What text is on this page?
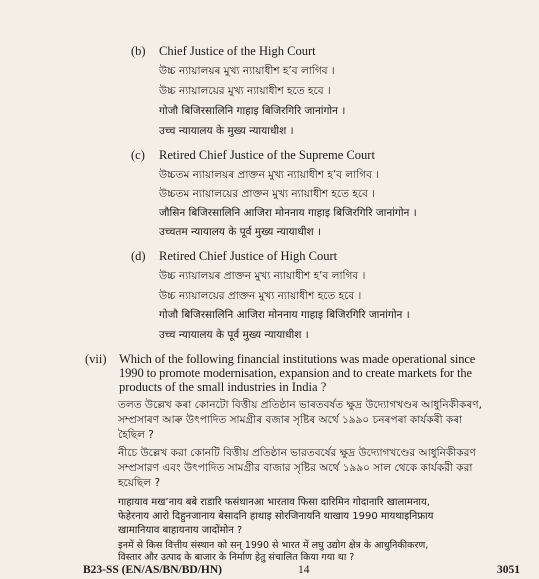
(b) Chief Justice of the High Court
উচ্চ ন্যায়ালয়ৰ মুখ্য ন্যায়াধীশ হ’ব লাগিব ।
উচ্চ ন্যায়ালয়ের মুখ্য ন্যায়াধীশ হতে হবে ।
गोजौ बिजिरसालिनि गाहाइ बिजिरगिरि जानांगोन ।
उच्च न्यायालय के मुख्य न्यायाधीश ।
(c) Retired Chief Justice of the Supreme Court
উচ্চতম ন্যায়ালয়ৰ প্ৰাক্তন মুখ্য ন্যায়াধীশ হ’ব লাগিব ।
উচ্চতম ন্যায়ালয়ের প্রাক্তন মুখ্য ন্যায়াধীশ হতে হবে ।
जौसिन बिजिरसालिनि आजिरा मोननाय गाहाइ बिजिरगिरि जानांगोन ।
उच्चतम न्यायालय के पूर्व मुख्य न्यायाधीश ।
(d) Retired Chief Justice of High Court
উচ্চ ন্যায়ালয়ৰ প্ৰাক্তন মুখ্য ন্যায়াধীশ হ’ব লাগিব ।
উচ্চ ন্যায়ালয়ের প্রাক্তন মুখ্য ন্যায়াধীশ হতে হবে ।
गोजौ बिजिरसालिनि आजिरा मोननाय गाहाइ बिजिरगिरि जानांगोन ।
उच्च न्यायालय के पूर्व मुख्य न्यायाधीश ।
(vii) Which of the following financial institutions was made operational since
1990 to promote modernisation, expansion and to create markets for the
products of the small industries in India ?
তলত উল্লেখ কৰা কোনটো বিত্তীয় প্ৰতিষ্ঠান ভাৰতবৰ্ষত ক্ষুদ্ৰ উদ্যোগখণ্ডৰ আধুনিকীকৰণ,
সম্প্ৰসাৰণ আৰু উৎপাদিত সামগ্ৰীৰ বজাৰ সৃষ্টিৰ অৰ্থে ১৯৯০ চনৰপৰা কাৰ্যকৰী কৰা
হৈছিল ?
নীচে উল্লেখ করা কোনটি বিত্তীয় প্রতিষ্ঠান ভারতবর্ষের ক্ষুদ্র উদ্যোগখণ্ডের আধুনিকীকরণ
সম্প্রসারণ এবং উৎপাদিত সামগ্রীর বাজার সৃষ্টির অর্থে ১৯৯০ সাল থেকে কার্যকরী করা
হয়েছিল ?
गाहायाव मख’नाय बबे राडारि फसंथानआ भारताव फिसा दारिमिन गोदानारि खालामनाय,
फेहेरनाय आरो दिहुनजानाय बेसादनि हाथाइ सोरजिनायनि थाखाय 1990 मायथाइनिफ्राय
खामानियाव बाहायनाय जादोंमोन ?
B23-SS (EN/AS/BN/BD/HN)	14	3051
इनमें से किस वित्तीय संस्थान को सन् 1990 से भारत में लघु उद्योग क्षेत्र के आधुनिकीकरण,
विस्तार और उत्पाद के बाजार के निर्माण हेतु संचालित किया गया था ?
